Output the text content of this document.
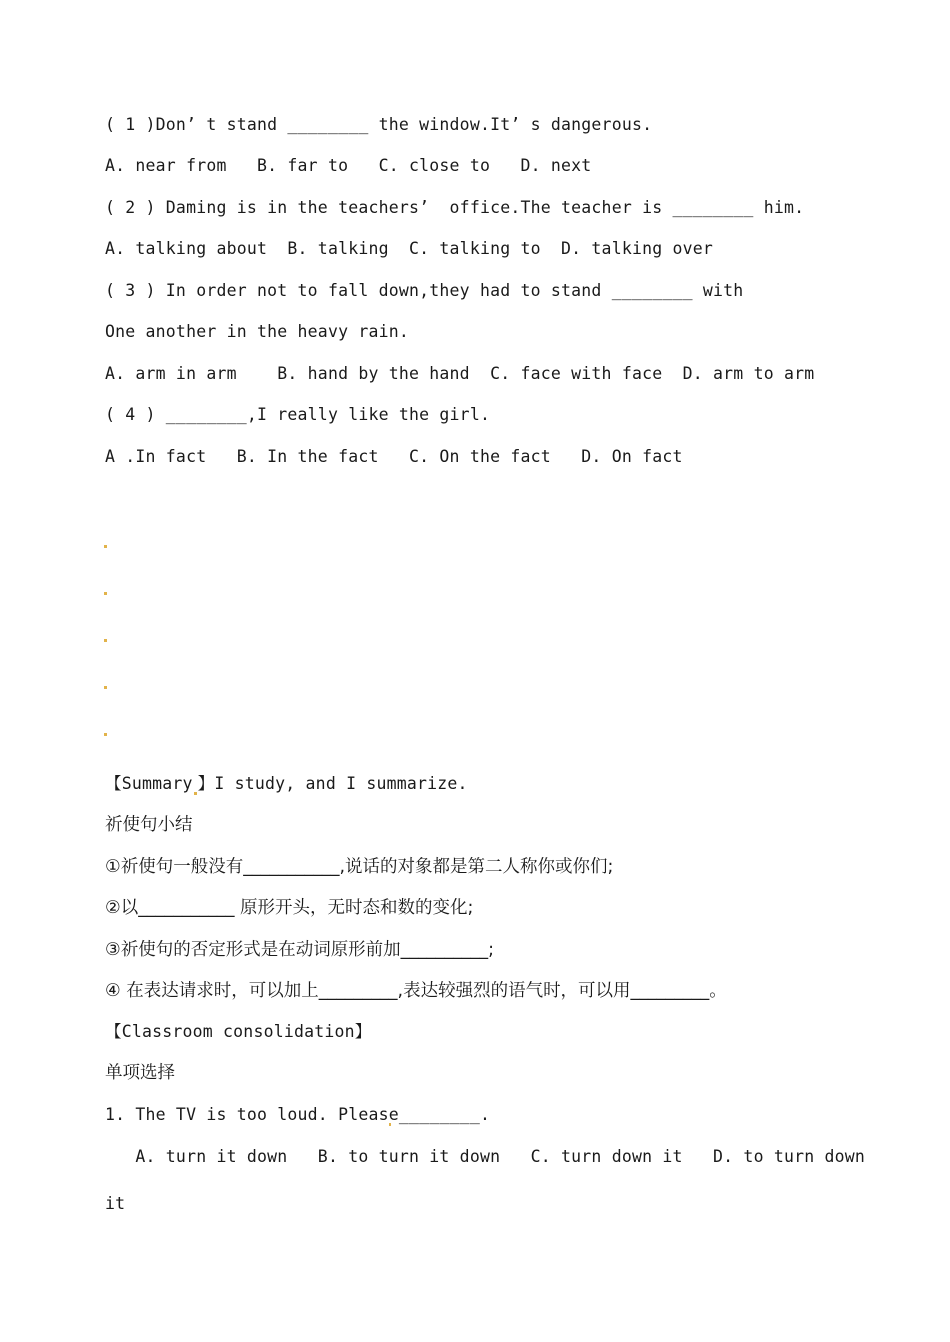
( 1 )Don’ t stand ________ the window.It’ s dangerous.
A. near from   B. far to   C. close to   D. next
( 2 ) Daming is in the teachers’  office.The teacher is ________ him.
A. talking about  B. talking  C. talking to  D. talking over
( 3 ) In order not to fall down,they had to stand ________ with
One another in the heavy rain.
A. arm in arm    B. hand by the hand  C. face with face  D. arm to arm
( 4 ) ________,I really like the girl.
A .In fact   B. In the fact   C. On the fact   D. On fact
【Summary 】I study, and I summarize.
祈使句小结
①祈使句一般没有___________,说话的对象都是第二人称你或你们;
②以___________ 原形开头，无时态和数的变化;
③祈使句的否定形式是在动词原形前加__________;
④ 在表达请求时，可以加上_________,表达较强烈的语气时，可以用_________。
【Classroom consolidation】
单项选择
1. The TV is too loud. Please________.
A. turn it down   B. to turn it down   C. turn down it   D. to turn down
it
